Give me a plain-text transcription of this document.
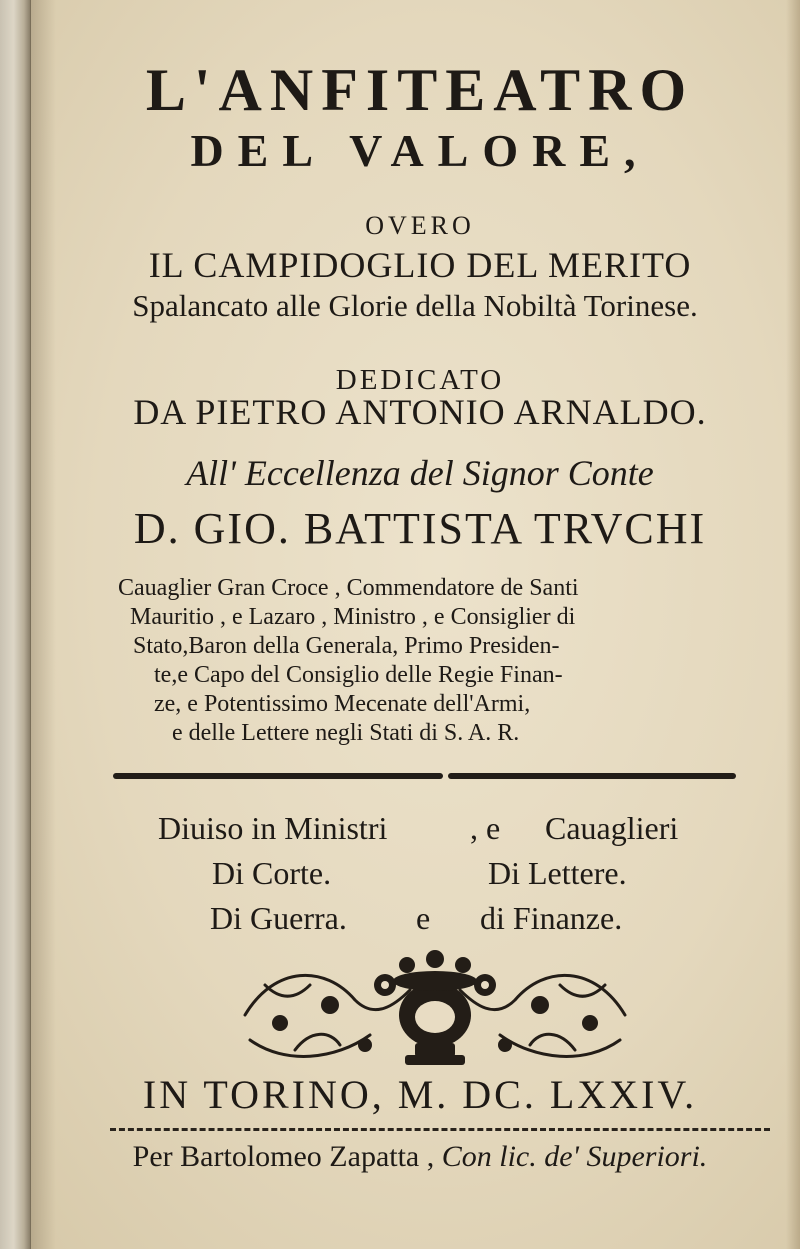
L'ANFITEATRO
DEL VALORE,
OVERO
IL CAMPIDOGLIO DEL MERITO
Spalancato alle Glorie della Nobiltà Torinese.
DEDICATO
DA PIETRO ANTONIO ARNALDO.
All' Eccellenza del Signor Conte
D. GIO. BATTISTA TRVCHI
Cauaglier Gran Croce , Commendatore de Santi
Mauritio , e Lazaro , Ministro , e Consiglier di
Stato,Baron della Generala, Primo Presiden-
te,e Capo del Consiglio delle Regie Finan-
ze, e Potentissimo Mecenate dell'Armi,
e delle Lettere negli Stati di S. A. R.
Diuiso in Ministri	, e Cauaglieri
Di Corte.	Di Lettere.
Di Guerra. e di Finanze.
IN TORINO, M. DC. LXXIV.
Per Bartolomeo Zapatta , Con lic. de' Superiori.
